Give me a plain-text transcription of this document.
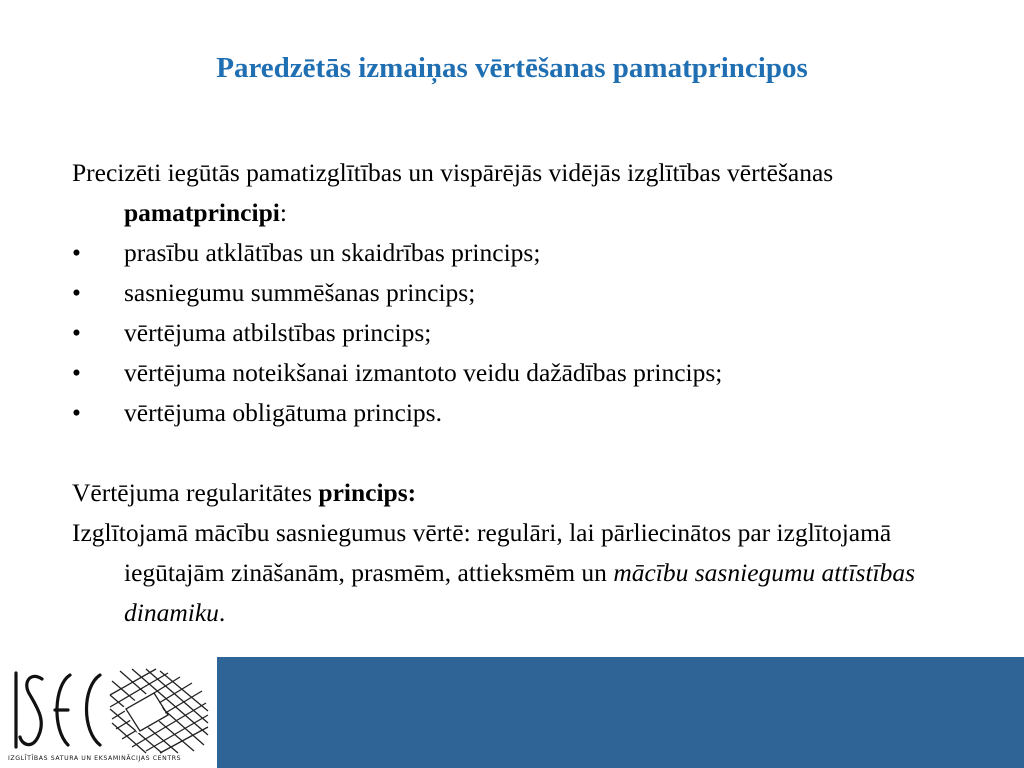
Paredzētās izmaiņas vērtēšanas pamatprincipos
Precizēti iegūtās pamatizglītības un vispārējās vidējās izglītības vērtēšanas pamatprincipi:
• prasību atklātības un skaidrības princips;
• sasniegumu summēšanas princips;
• vērtējuma atbilstības princips;
• vērtējuma noteikšanai izmantoto veidu dažādības princips;
• vērtējuma obligātuma princips.
Vērtējuma regularitātes princips:
Izglītojamā mācību sasniegumus vērtē: regulāri, lai pārliecinātos par izglītojamā iegūtajām zināšanām, prasmēm, attieksmēm un mācību sasniegumu attīstības dinamiku.
IZGLĪTĪBAS SATURA UN EKSAMINĀCIJAS CENTRS
